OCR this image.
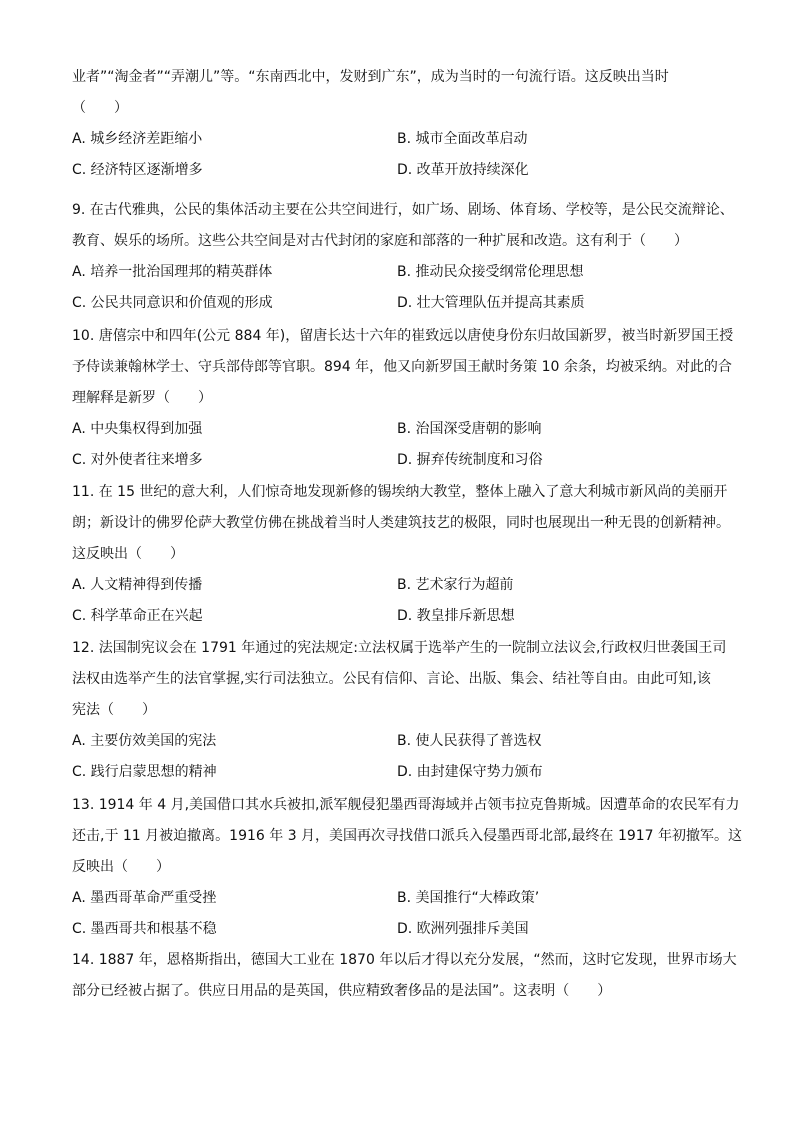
业者”“淘金者”“弄潮儿”等。“东南西北中，发财到广东”，成为当时的一句流行语。这反映出当时
（　　）
A. 城乡经济差距缩小	B. 城市全面改革启动
C. 经济特区逐渐增多	D. 改革开放持续深化
9. 在古代雅典，公民的集体活动主要在公共空间进行，如广场、剧场、体育场、学校等，是公民交流辩论、
教育、娱乐的场所。这些公共空间是对古代封闭的家庭和部落的一种扩展和改造。这有利于（　　）
A. 培养一批治国理邦的精英群体	B. 推动民众接受纲常伦理思想
C. 公民共同意识和价值观的形成	D. 壮大管理队伍并提高其素质
10. 唐僖宗中和四年(公元 884 年)，留唐长达十六年的崔致远以唐使身份东归故国新罗，被当时新罗国王授
予侍读兼翰林学士、守兵部侍郎等官职。894 年，他又向新罗国王献时务策 10 余条，均被采纳。对此的合
理解释是新罗（　　）
A. 中央集权得到加强	B. 治国深受唐朝的影响
C. 对外使者往来增多	D. 摒弃传统制度和习俗
11. 在 15 世纪的意大利，人们惊奇地发现新修的锡埃纳大教堂，整体上融入了意大利城市新风尚的美丽开
朗；新设计的佛罗伦萨大教堂仿佛在挑战着当时人类建筑技艺的极限，同时也展现出一种无畏的创新精神。
这反映出（　　）
A. 人文精神得到传播	B. 艺术家行为超前
C. 科学革命正在兴起	D. 教皇排斥新思想
12. 法国制宪议会在 1791 年通过的宪法规定:立法权属于选举产生的一院制立法议会,行政权归世袭国王司
法权由选举产生的法官掌握,实行司法独立。公民有信仰、言论、出版、集会、结社等自由。由此可知,该
宪法（　　）
A. 主要仿效美国的宪法	B. 使人民获得了普选权
C. 践行启蒙思想的精神	D. 由封建保守势力颁布
13. 1914 年 4 月,美国借口其水兵被扣,派军舰侵犯墨西哥海域并占领韦拉克鲁斯城。因遭革命的农民军有力
还击,于 11 月被迫撤离。1916 年 3 月，美国再次寻找借口派兵入侵墨西哥北部,最终在 1917 年初撤军。这
反映出（　　）
A. 墨西哥革命严重受挫	B. 美国推行“大棒政策’
C. 墨西哥共和根基不稳	D. 欧洲列强排斥美国
14. 1887 年，恩格斯指出，德国大工业在 1870 年以后才得以充分发展，“然而，这时它发现，世界市场大
部分已经被占据了。供应日用品的是英国，供应精致奢侈品的是法国”。这表明（　　）
